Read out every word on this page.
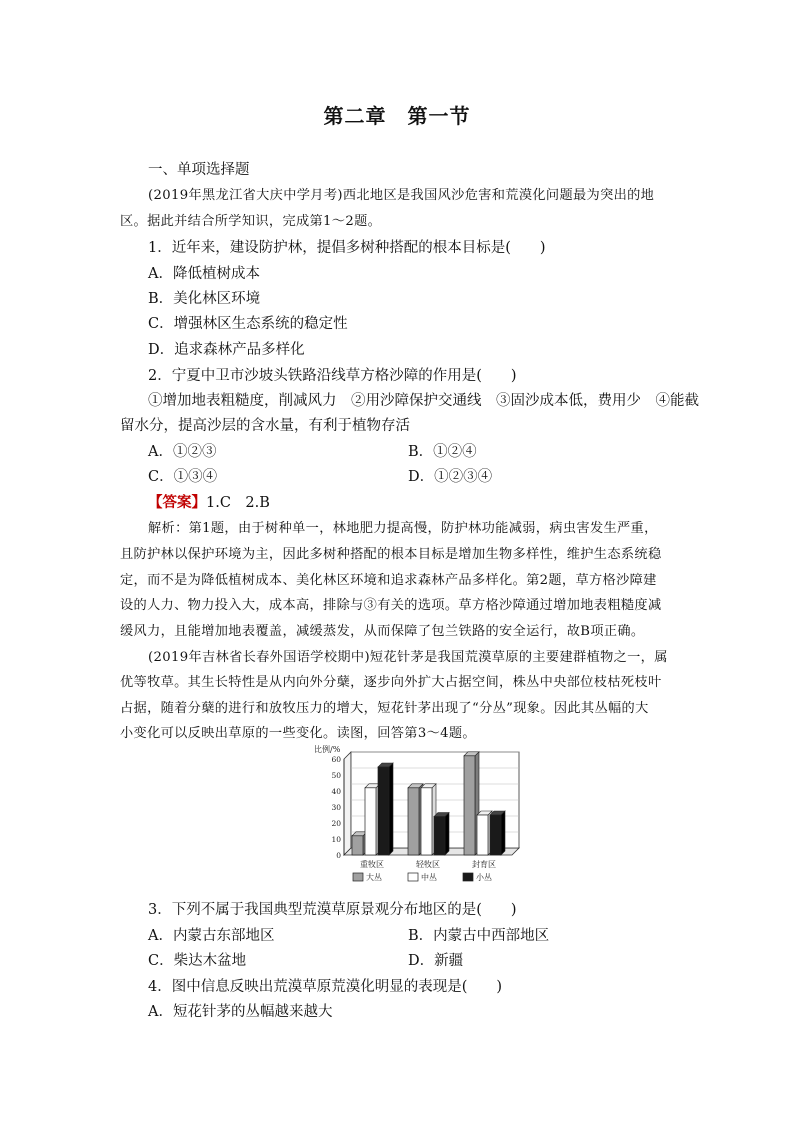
第二章　第一节
一、单项选择题
(2019年黑龙江省大庆中学月考)西北地区是我国风沙危害和荒漠化问题最为突出的地
区。据此并结合所学知识，完成第1～2题。
1．近年来，建设防护林，提倡多树种搭配的根本目标是(　　)
A．降低植树成本
B．美化林区环境
C．增强林区生态系统的稳定性
D．追求森林产品多样化
2．宁夏中卫市沙坡头铁路沿线草方格沙障的作用是(　　)
①增加地表粗糙度，削减风力　②用沙障保护交通线　③固沙成本低，费用少　④能截
留水分，提高沙层的含水量，有利于植物存活
A．①②③	B．①②④
C．①③④	D．①②③④
【答案】1.C　2.B
解析：第1题，由于树种单一，林地肥力提高慢，防护林功能减弱，病虫害发生严重，
且防护林以保护环境为主，因此多树种搭配的根本目标是增加生物多样性，维护生态系统稳
定，而不是为降低植树成本、美化林区环境和追求森林产品多样化。第2题，草方格沙障建
设的人力、物力投入大，成本高，排除与③有关的选项。草方格沙障通过增加地表粗糙度减
缓风力，且能增加地表覆盖，减缓蒸发，从而保障了包兰铁路的安全运行，故B项正确。
(2019年吉林省长春外国语学校期中)短花针茅是我国荒漠草原的主要建群植物之一，属
优等牧草。其生长特性是从内向外分蘖，逐步向外扩大占据空间，株丛中央部位枝枯死枝叶
占据，随着分蘖的进行和放牧压力的增大，短花针茅出现了“分丛”现象。因此其丛幅的大
小变化可以反映出草原的一些变化。读图，回答第3～4题。
0
10
20
30
40
50
60
比例/%
重牧区	轻牧区	封育区
大丛	中丛	小丛
3．下列不属于我国典型荒漠草原景观分布地区的是(　　)
A．内蒙古东部地区	B．内蒙古中西部地区
C．柴达木盆地	D．新疆
4．图中信息反映出荒漠草原荒漠化明显的表现是(　　)
A．短花针茅的丛幅越来越大
